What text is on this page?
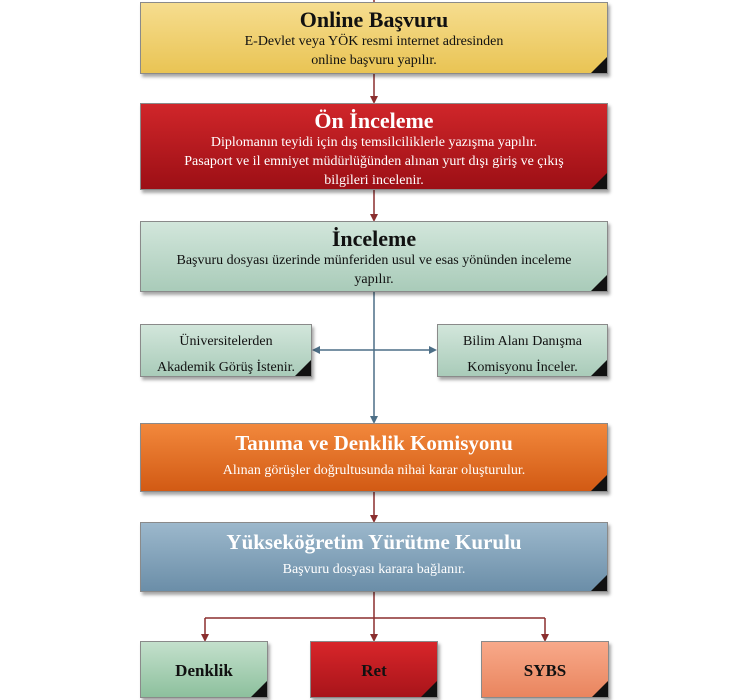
Online Başvuru
E-Devlet veya YÖK resmi internet adresinden
online başvuru yapılır.
Ön İnceleme
Diplomanın teyidi için dış temsilciliklerle yazışma yapılır.
Pasaport ve il emniyet müdürlüğünden alınan yurt dışı giriş ve çıkış
bilgileri incelenir.
İnceleme
Başvuru dosyası üzerinde münferiden usul ve esas yönünden inceleme
yapılır.
Üniversitelerden
Akademik Görüş İstenir.
Bilim Alanı Danışma
Komisyonu İnceler.
Tanıma ve Denklik Komisyonu
Alınan görüşler doğrultusunda nihai karar oluşturulur.
Yükseköğretim Yürütme Kurulu
Başvuru dosyası karara bağlanır.
Denklik	Ret	SYBS
